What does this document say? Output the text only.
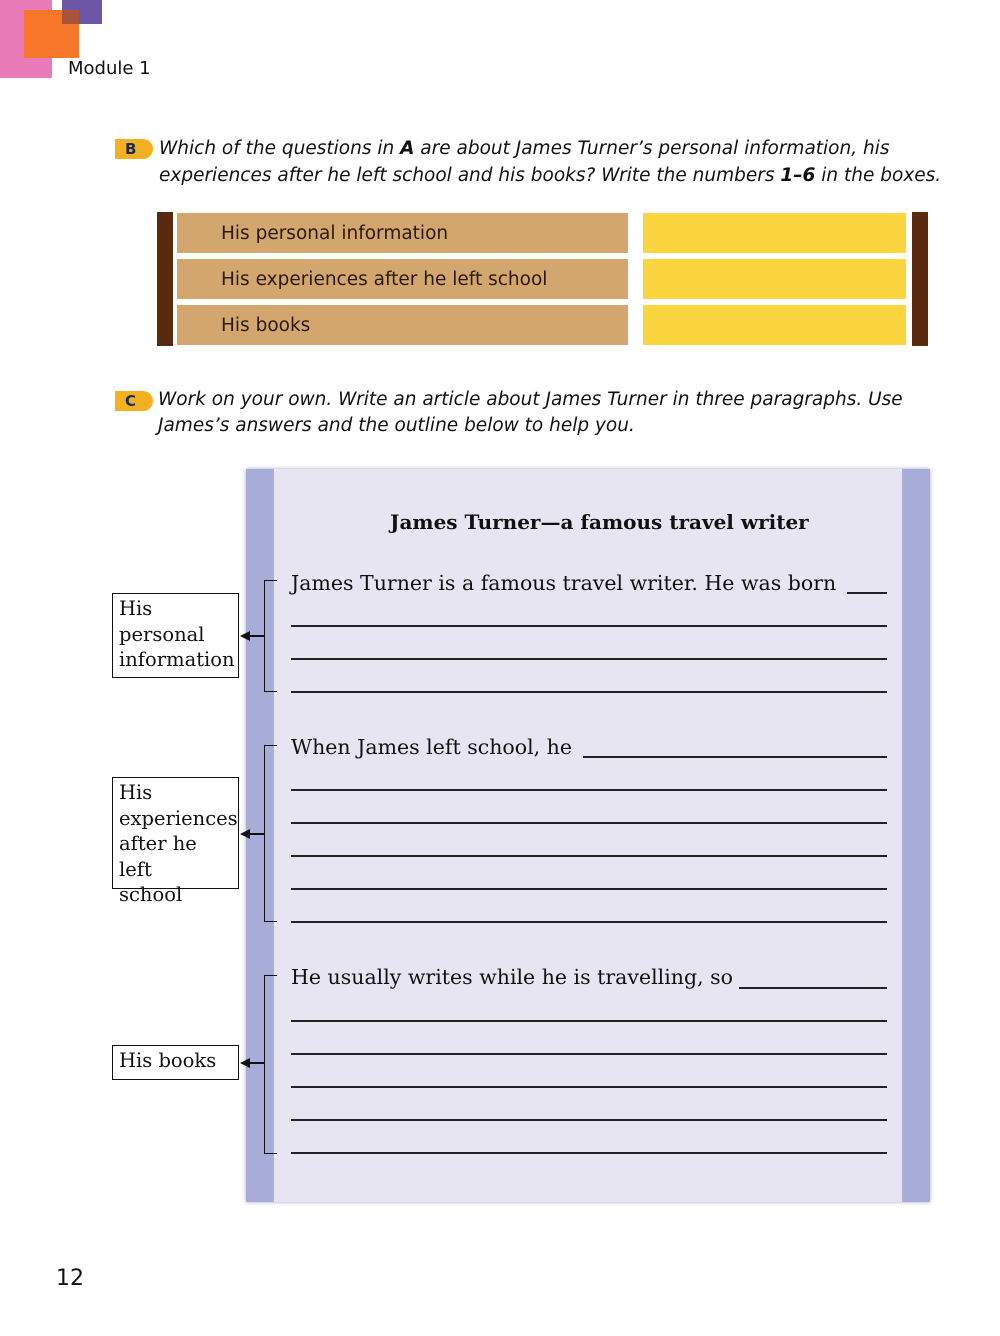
Module 1
B	Which of the questions in A are about James Turner’s personal information, his
experiences after he left school and his books? Write the numbers 1–6 in the boxes.
His personal information
His experiences after he left school
His books
C	Work on your own. Write an article about James Turner in three paragraphs. Use
James’s answers and the outline below to help you.
James Turner—a famous travel writer
James Turner is a famous travel writer. He was born
When James left school, he
He usually writes while he is travelling, so
His
personal
information
His
experiences
after he left
school
His books
12
